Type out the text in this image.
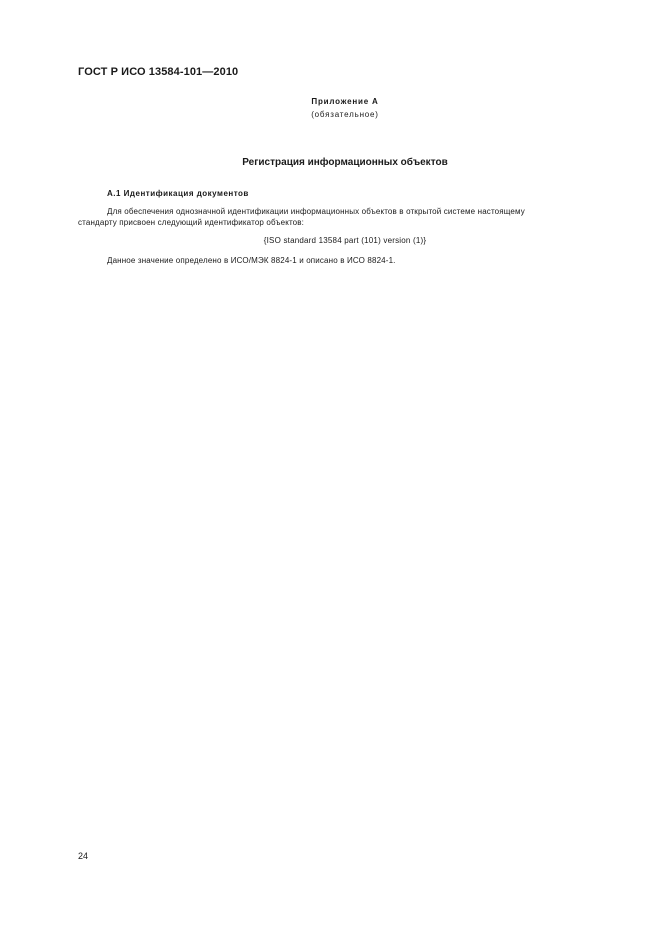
ГОСТ Р ИСО 13584-101—2010
Приложение А
(обязательное)
Регистрация информационных объектов
А.1 Идентификация документов
Для обеспечения однозначной идентификации информационных объектов в открытой системе настоящему
стандарту присвоен следующий идентификатор объектов:
{ISO standard 13584 part (101) version (1)}
Данное значение определено в ИСО/МЭК 8824-1 и описано в ИСО 8824-1.
24
